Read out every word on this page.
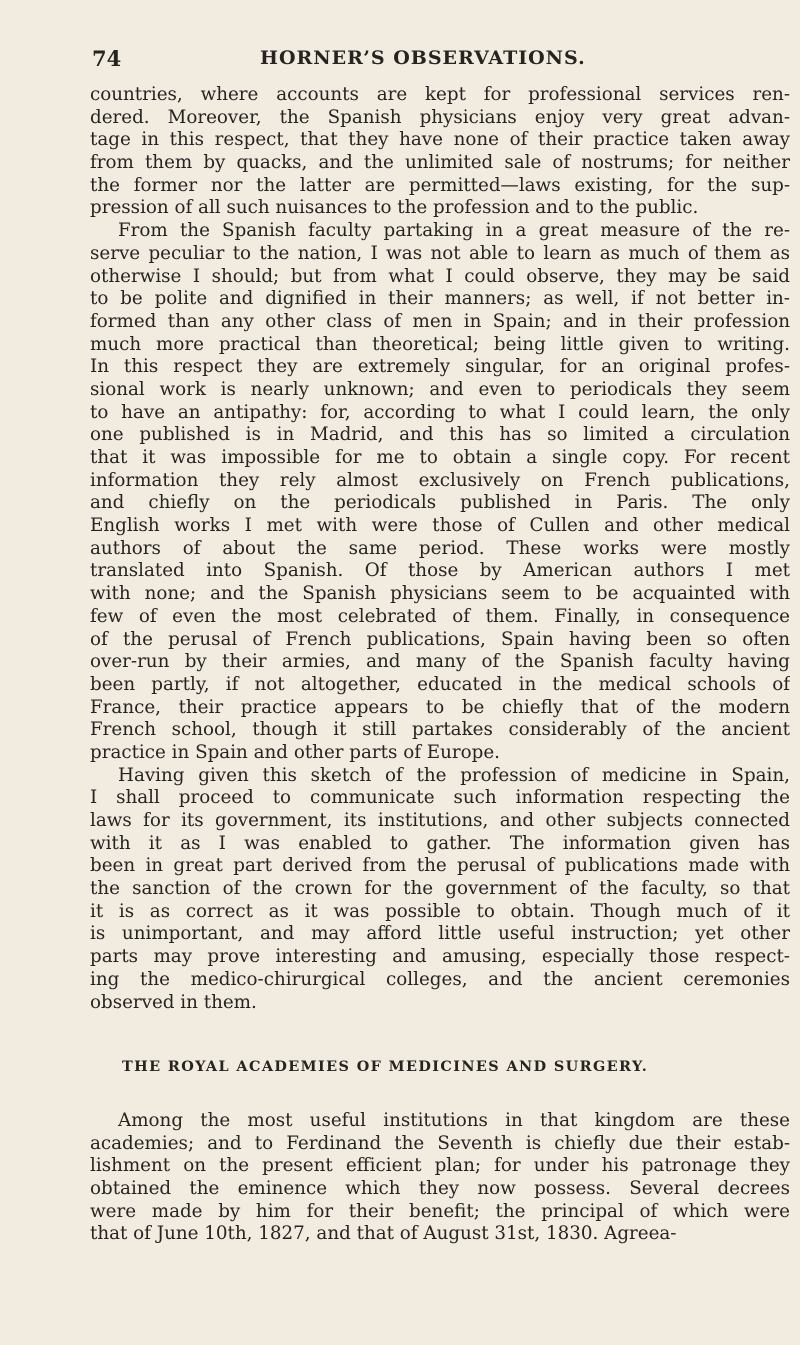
74	HORNER’S OBSERVATIONS.
countries, where accounts are kept for professional services ren-
dered. Moreover, the Spanish physicians enjoy very great advan-
tage in this respect, that they have none of their practice taken away
from them by quacks, and the unlimited sale of nostrums; for neither
the former nor the latter are permitted—laws existing, for the sup-
pression of all such nuisances to the profession and to the public.
From the Spanish faculty partaking in a great measure of the re-
serve peculiar to the nation, I was not able to learn as much of them as
otherwise I should; but from what I could observe, they may be said
to be polite and dignified in their manners; as well, if not better in-
formed than any other class of men in Spain; and in their profession
much more practical than theoretical; being little given to writing.
In this respect they are extremely singular, for an original profes-
sional work is nearly unknown; and even to periodicals they seem
to have an antipathy: for, according to what I could learn, the only
one published is in Madrid, and this has so limited a circulation
that it was impossible for me to obtain a single copy. For recent
information they rely almost exclusively on French publications,
and chiefly on the periodicals published in Paris. The only
English works I met with were those of Cullen and other medical
authors of about the same period. These works were mostly
translated into Spanish. Of those by American authors I met
with none; and the Spanish physicians seem to be acquainted with
few of even the most celebrated of them. Finally, in consequence
of the perusal of French publications, Spain having been so often
over-run by their armies, and many of the Spanish faculty having
been partly, if not altogether, educated in the medical schools of
France, their practice appears to be chiefly that of the modern
French school, though it still partakes considerably of the ancient
practice in Spain and other parts of Europe.
Having given this sketch of the profession of medicine in Spain,
I shall proceed to communicate such information respecting the
laws for its government, its institutions, and other subjects connected
with it as I was enabled to gather. The information given has
been in great part derived from the perusal of publications made with
the sanction of the crown for the government of the faculty, so that
it is as correct as it was possible to obtain. Though much of it
is unimportant, and may afford little useful instruction; yet other
parts may prove interesting and amusing, especially those respect-
ing the medico-chirurgical colleges, and the ancient ceremonies
observed in them.
THE ROYAL ACADEMIES OF MEDICINES AND SURGERY.
Among the most useful institutions in that kingdom are these
academies; and to Ferdinand the Seventh is chiefly due their estab-
lishment on the present efficient plan; for under his patronage they
obtained the eminence which they now possess. Several decrees
were made by him for their benefit; the principal of which were
that of June 10th, 1827, and that of August 31st, 1830. Agreea-
